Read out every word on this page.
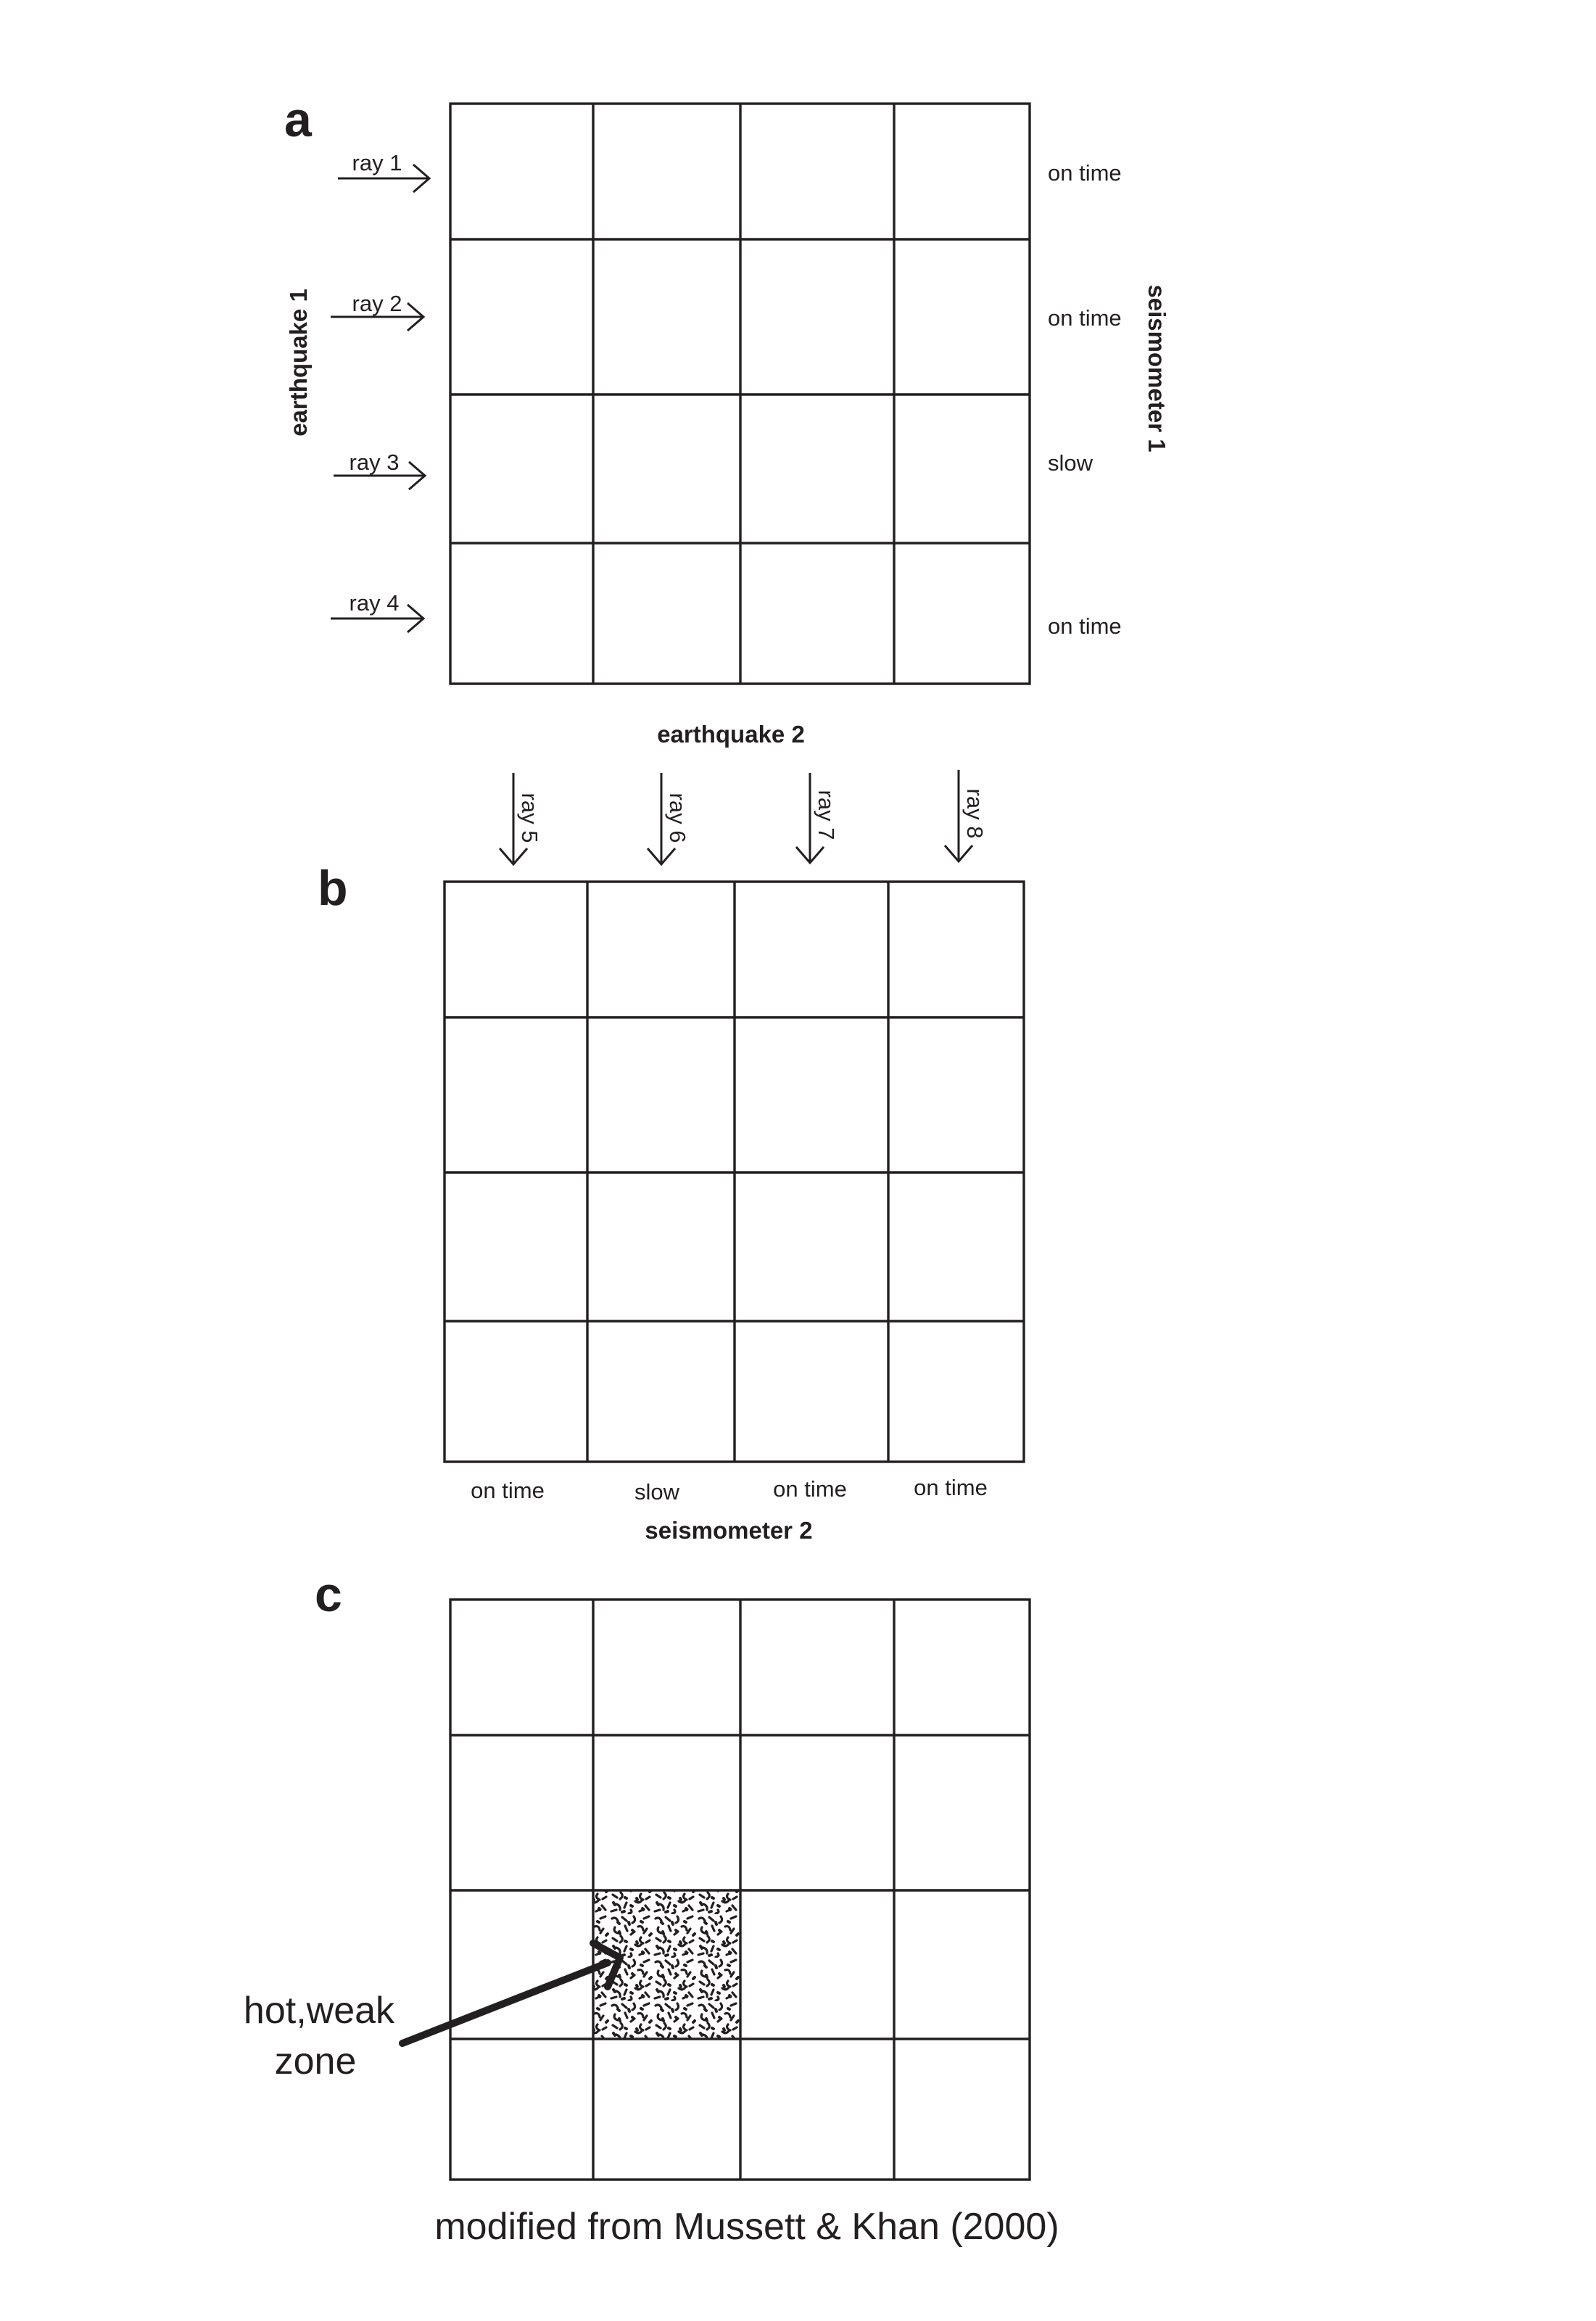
a
earthquake 1	seismometer 1
ray 1
ray 2
ray 3
ray 4
on time
on time
slow
on time
earthquake 2
ray 5	ray 6	ray 7	ray 8
b
on time	slow	on time	on time
seismometer 2
c
hot,weak
zone
modified from Mussett & Khan (2000)
